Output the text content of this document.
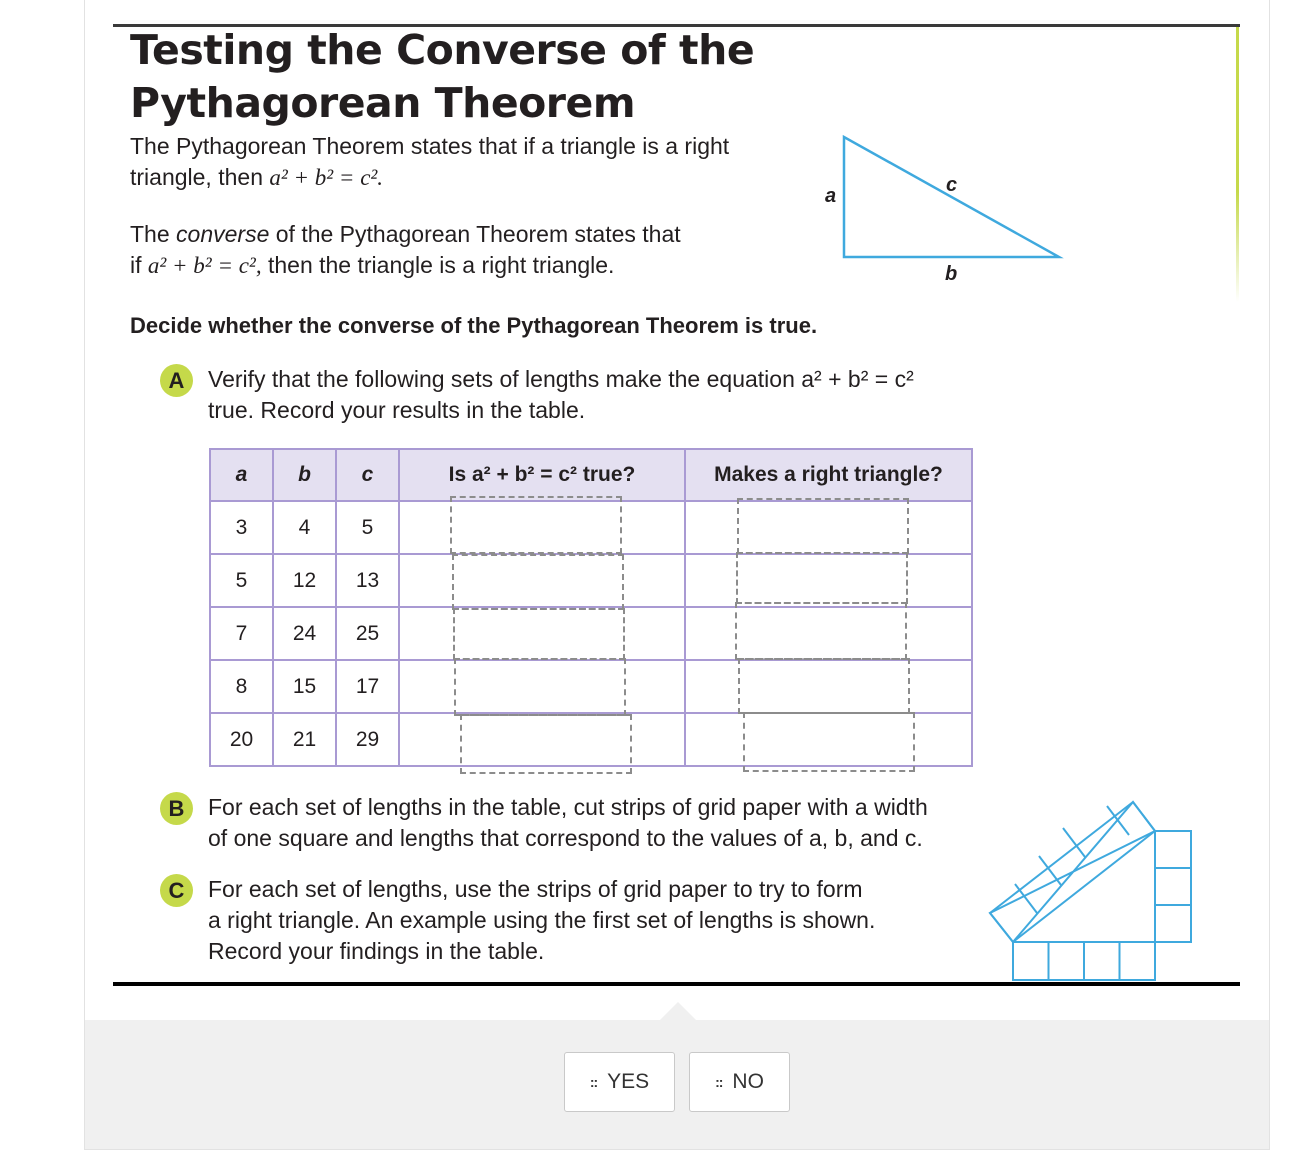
Testing the Converse of the
Pythagorean Theorem

The Pythagorean Theorem states that if a triangle is a right
triangle, then a² + b² = c².

The converse of the Pythagorean Theorem states that
if a² + b² = c², then the triangle is a right triangle.

a	c
b

Decide whether the converse of the Pythagorean Theorem is true.

A	Verify that the following sets of lengths make the equation a² + b² = c²
true. Record your results in the table.

a	b	c	Is a² + b² = c² true?	Makes a right triangle?
3	4	5		
5	12	13		
7	24	25		
8	15	17		
20	21	29		
B	For each set of lengths in the table, cut strips of grid paper with a width
of one square and lengths that correspond to the values of a, b, and c.

C	For each set of lengths, use the strips of grid paper to try to form
a right triangle. An example using the first set of lengths is shown.
Record your findings in the table.

:: YES	:: NO
